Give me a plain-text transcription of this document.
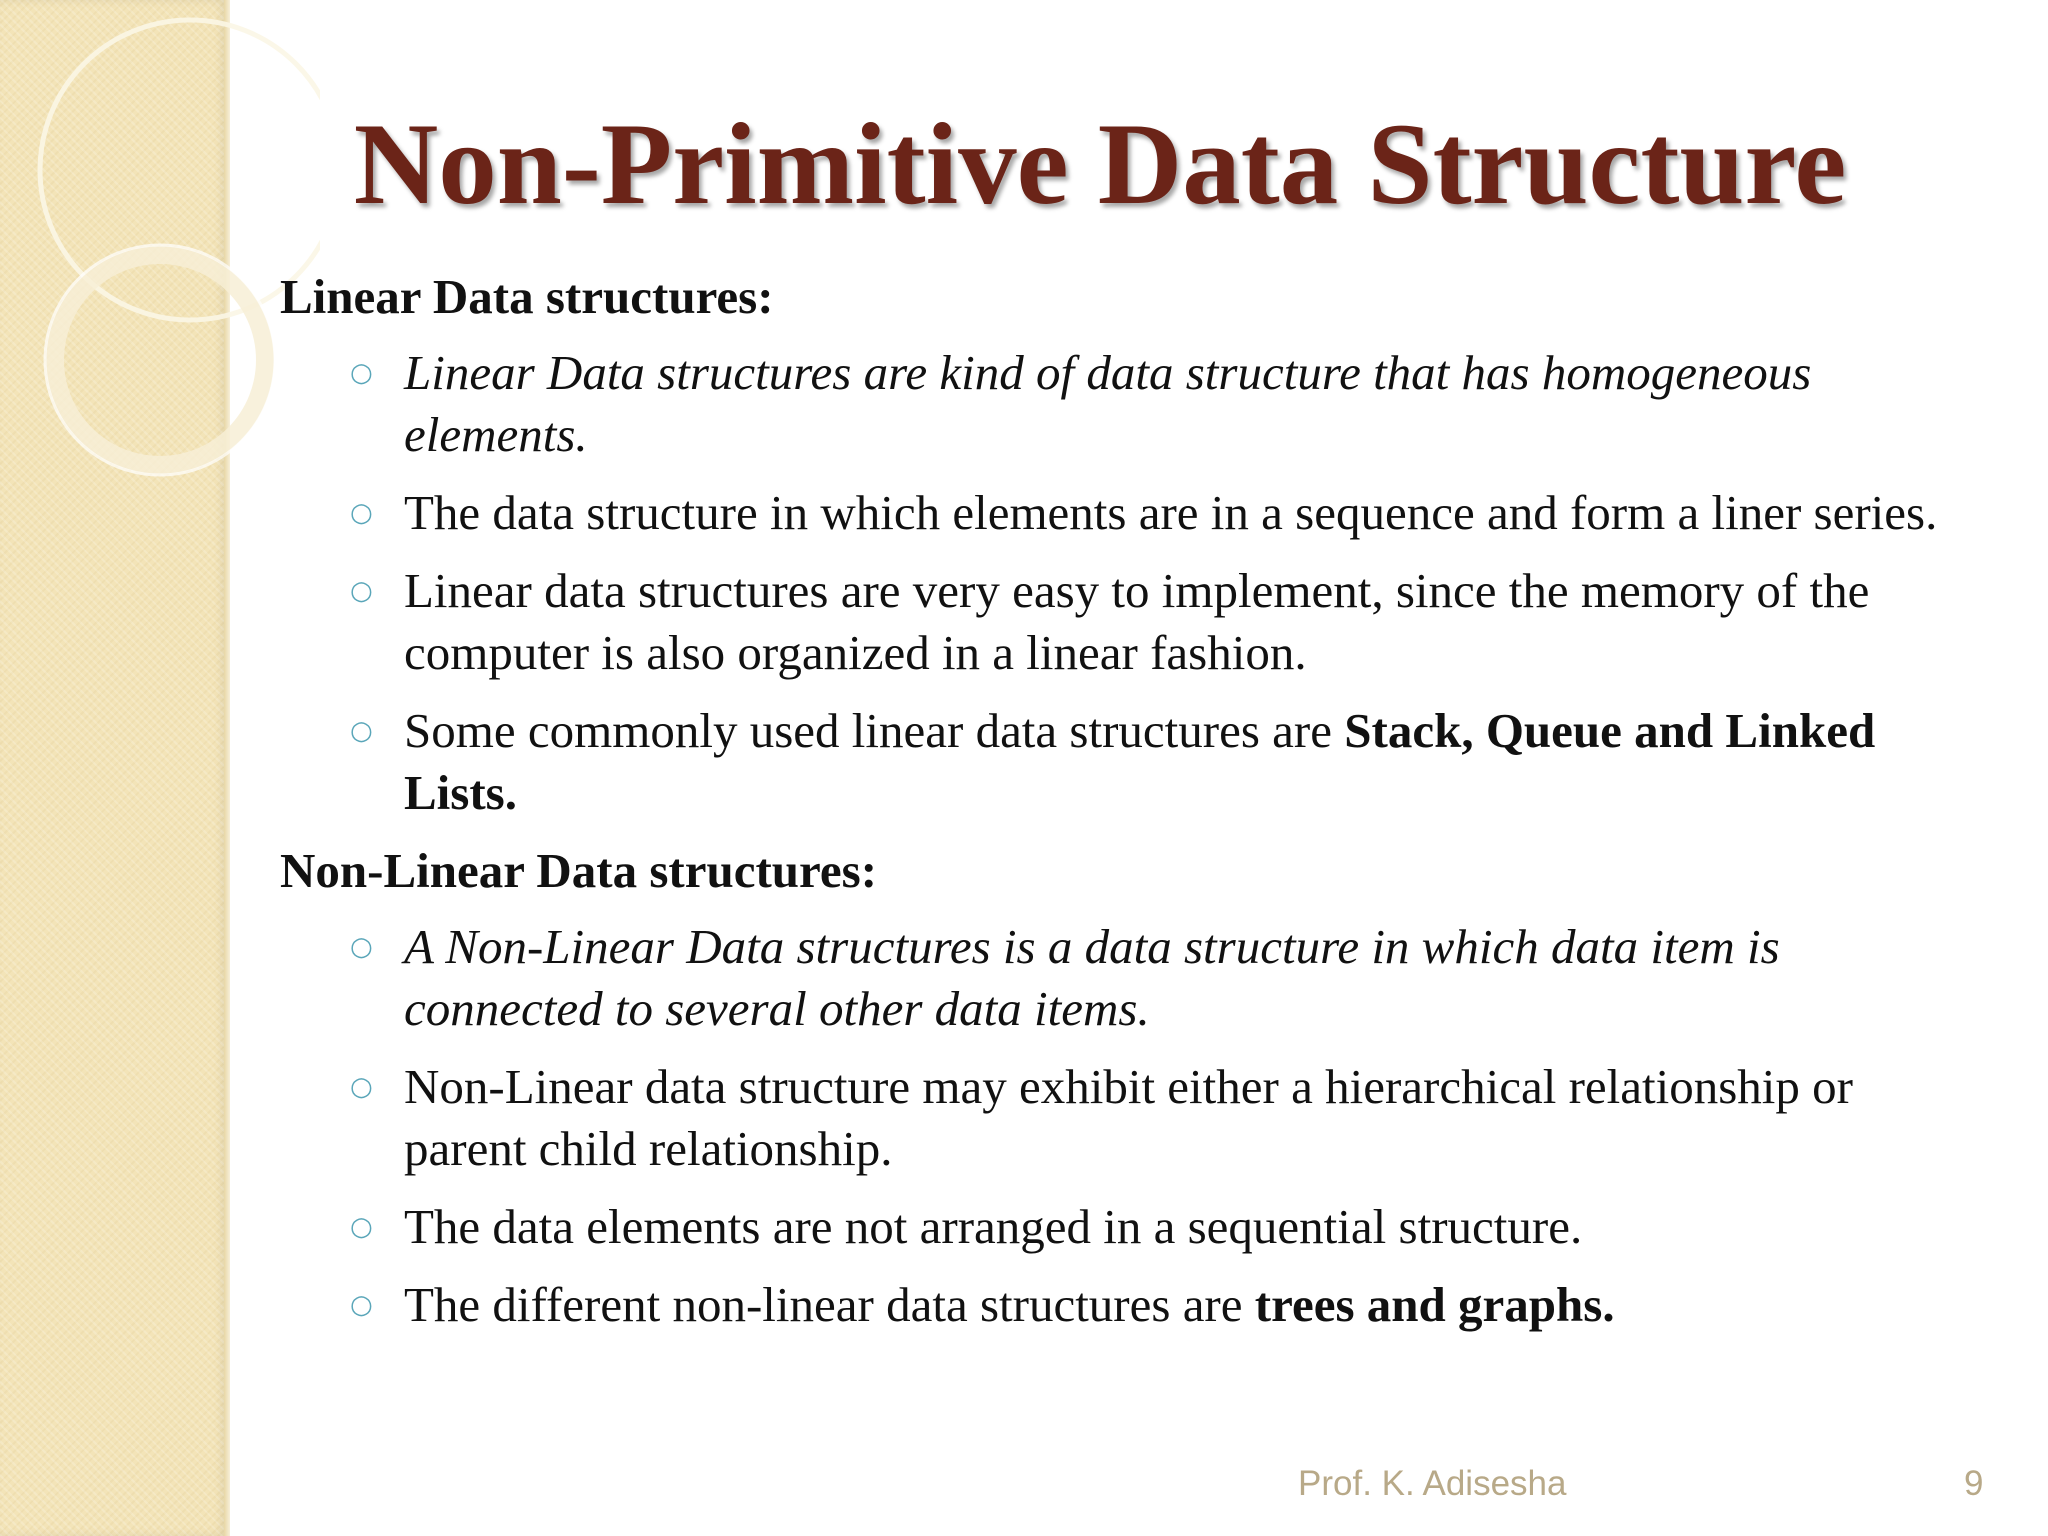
Non-Primitive Data Structure
Linear Data structures:
○ Linear Data structures are kind of data structure that has homogeneous elements.
○ The data structure in which elements are in a sequence and form a liner series.
○ Linear data structures are very easy to implement, since the memory of the computer is also organized in a linear fashion.
○ Some commonly used linear data structures are Stack, Queue and Linked Lists.
Non-Linear Data structures:
○ A Non-Linear Data structures is a data structure in which data item is connected to several other data items.
○ Non-Linear data structure may exhibit either a hierarchical relationship or parent child relationship.
○ The data elements are not arranged in a sequential structure.
○ The different non-linear data structures are trees and graphs.
Prof. K. Adisesha	9
